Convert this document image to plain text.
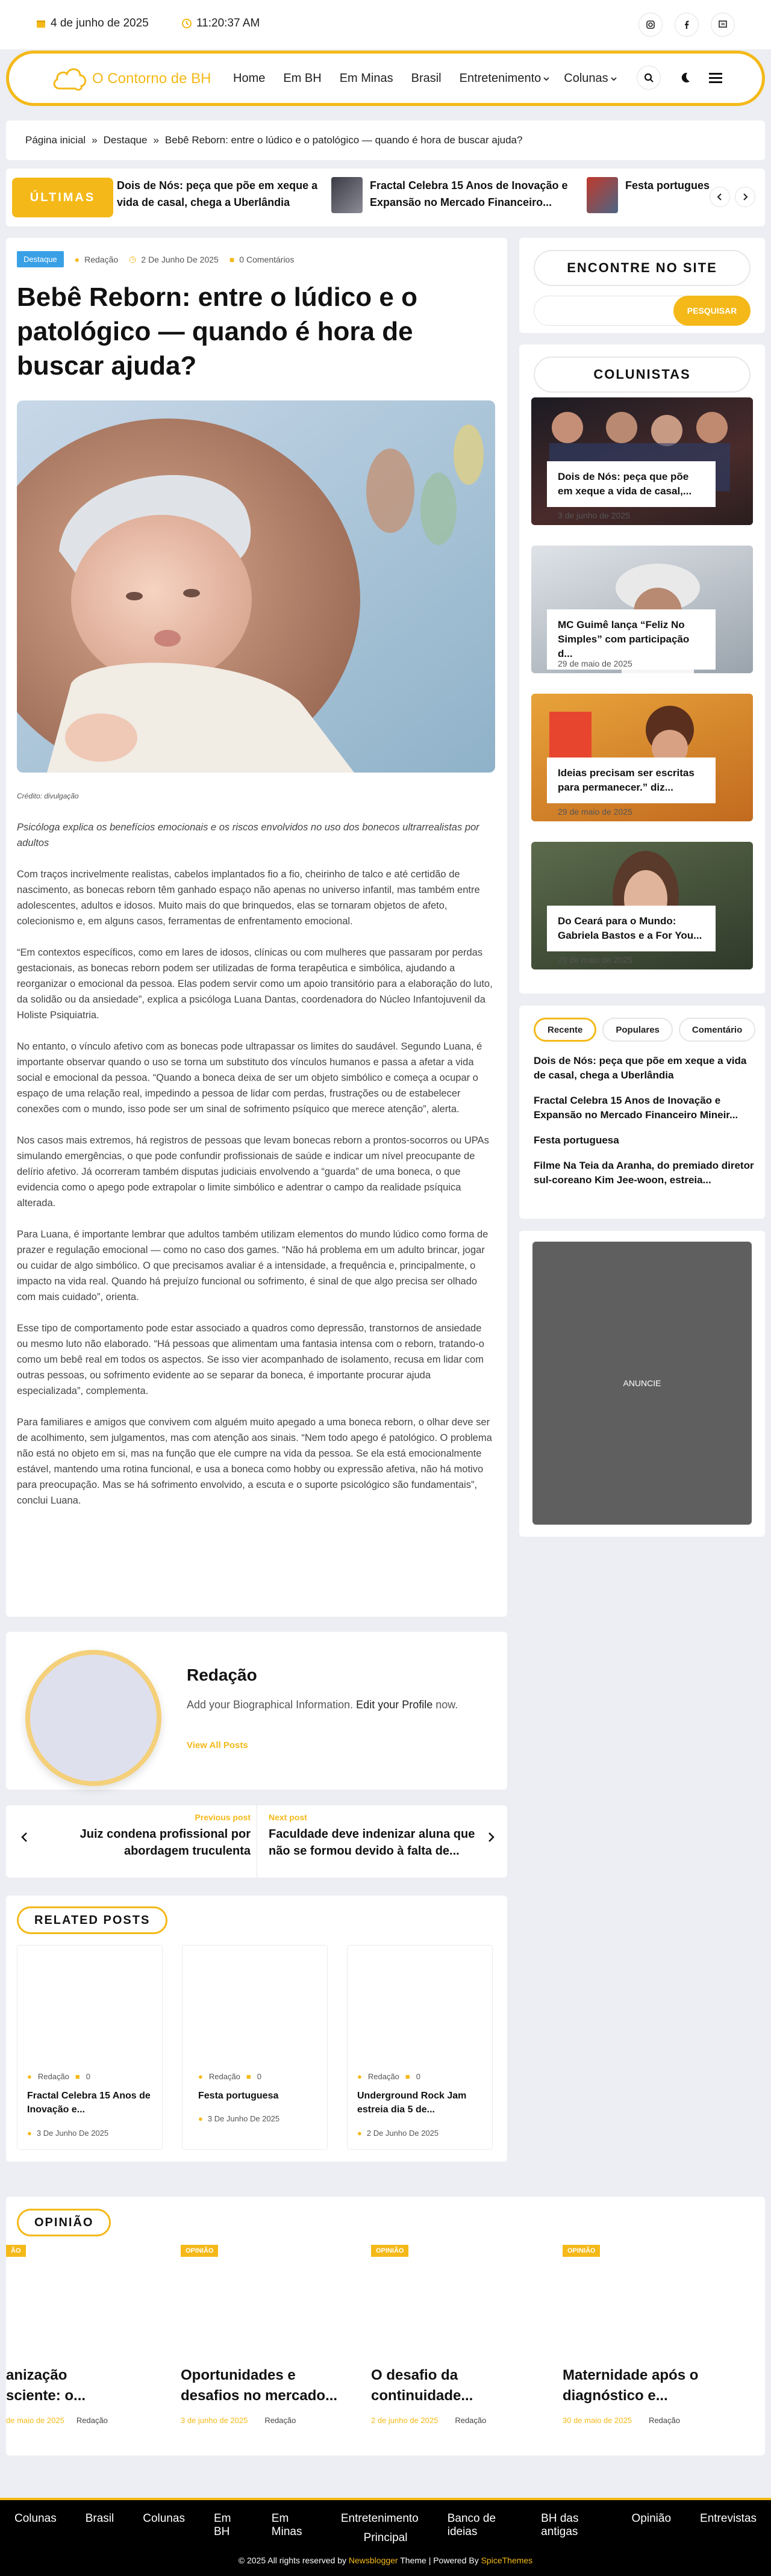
4 de junho de 2025	11:20:37 AM
O Contorno de BH Home Em BH Em Minas Brasil Entretenimento Colunas
Página inicial » Destaque » Bebê Reborn: entre o lúdico e o patológico — quando é hora de buscar ajuda?
ÚLTIMAS
Dois de Nós: peça que põe em xeque a vida de casal, chega a Uberlândia
Fractal Celebra 15 Anos de Inovação e Expansão no Mercado Financeiro...
Festa portugues
Destaque	● Redação ◷ 2 De Junho De 2025 ■ 0 Comentários
Bebê Reborn: entre o lúdico e o patológico — quando é hora de buscar ajuda?
Crédito: divulgação

Psicóloga explica os benefícios emocionais e os riscos envolvidos no uso dos bonecos ultrarrealistas por adultos

Com traços incrivelmente realistas, cabelos implantados fio a fio, cheirinho de talco e até certidão de nascimento, as bonecas reborn têm ganhado espaço não apenas no universo infantil, mas também entre adolescentes, adultos e idosos. Muito mais do que brinquedos, elas se tornaram objetos de afeto, colecionismo e, em alguns casos, ferramentas de enfrentamento emocional.

“Em contextos específicos, como em lares de idosos, clínicas ou com mulheres que passaram por perdas gestacionais, as bonecas reborn podem ser utilizadas de forma terapêutica e simbólica, ajudando a reorganizar o emocional da pessoa. Elas podem servir como um apoio transitório para a elaboração do luto, da solidão ou da ansiedade”, explica a psicóloga Luana Dantas, coordenadora do Núcleo Infantojuvenil da Holiste Psiquiatria.

No entanto, o vínculo afetivo com as bonecas pode ultrapassar os limites do saudável. Segundo Luana, é importante observar quando o uso se torna um substituto dos vínculos humanos e passa a afetar a vida social e emocional da pessoa. “Quando a boneca deixa de ser um objeto simbólico e começa a ocupar o espaço de uma relação real, impedindo a pessoa de lidar com perdas, frustrações ou de estabelecer conexões com o mundo, isso pode ser um sinal de sofrimento psíquico que merece atenção”, alerta.

Nos casos mais extremos, há registros de pessoas que levam bonecas reborn a prontos-socorros ou UPAs simulando emergências, o que pode confundir profissionais de saúde e indicar um nível preocupante de delírio afetivo. Já ocorreram também disputas judiciais envolvendo a “guarda” de uma boneca, o que evidencia como o apego pode extrapolar o limite simbólico e adentrar o campo da realidade psíquica alterada.

Para Luana, é importante lembrar que adultos também utilizam elementos do mundo lúdico como forma de prazer e regulação emocional — como no caso dos games. “Não há problema em um adulto brincar, jogar ou cuidar de algo simbólico. O que precisamos avaliar é a intensidade, a frequência e, principalmente, o impacto na vida real. Quando há prejuízo funcional ou sofrimento, é sinal de que algo precisa ser olhado com mais cuidado”, orienta.

Esse tipo de comportamento pode estar associado a quadros como depressão, transtornos de ansiedade ou mesmo luto não elaborado. “Há pessoas que alimentam uma fantasia intensa com o reborn, tratando-o como um bebê real em todos os aspectos. Se isso vier acompanhado de isolamento, recusa em lidar com outras pessoas, ou sofrimento evidente ao se separar da boneca, é importante procurar ajuda especializada”, complementa.

Para familiares e amigos que convivem com alguém muito apegado a uma boneca reborn, o olhar deve ser de acolhimento, sem julgamentos, mas com atenção aos sinais. “Nem todo apego é patológico. O problema não está no objeto em si, mas na função que ele cumpre na vida da pessoa. Se ela está emocionalmente estável, mantendo uma rotina funcional, e usa a boneca como hobby ou expressão afetiva, não há motivo para preocupação. Mas se há sofrimento envolvido, a escuta e o suporte psicológico são fundamentais”, conclui Luana.

ENCONTRE NO SITE
PESQUISAR
COLUNISTAS
Dois de Nós: peça que põe em xeque a vida de casal,...
3 de junho de 2025
MC Guimê lança “Feliz No Simples” com participação d...
29 de maio de 2025
Ideias precisam ser escritas para permanecer.” diz...
29 de maio de 2025
Do Ceará para o Mundo: Gabriela Bastos e a For You...
29 de maio de 2025
Recente	Populares	Comentário
Dois de Nós: peça que põe em xeque a vida de casal, chega a Uberlândia
Fractal Celebra 15 Anos de Inovação e Expansão no Mercado Financeiro Mineir...
Festa portuguesa
Filme Na Teia da Aranha, do premiado diretor sul-coreano Kim Jee-woon, estreia...
ANUNCIE
Redação
Add your Biographical Information. Edit your Profile now.
View All Posts
Previous post
Juiz condena profissional por abordagem truculenta
Next post
Faculdade deve indenizar aluna que não se formou devido à falta de...
RELATED POSTS
● Redação ■ 0
Fractal Celebra 15 Anos de Inovação e...
● 3 De Junho De 2025
● Redação ■ 0
Festa portuguesa
● 3 De Junho De 2025
● Redação ■ 0
Underground Rock Jam estreia dia 5 de...
● 2 De Junho De 2025
OPINIÃO
ÃO
anização
sciente: o...
de maio de 2025 Redação
OPINIÃO
Oportunidades e desafios no mercado...
3 de junho de 2025 Redação
OPINIÃO
O desafio da continuidade...
2 de junho de 2025 Redação
OPINIÃO
Maternidade após o diagnóstico e...
30 de maio de 2025 Redação
Colunas	Brasil	Colunas	Em BH
Em Minas
Entretenimento	Banco de ideias
BH das antigas
Opinião	Entrevistas
Principal
© 2025 All rights reserved by Newsblogger Theme | Powered By SpiceThemes
